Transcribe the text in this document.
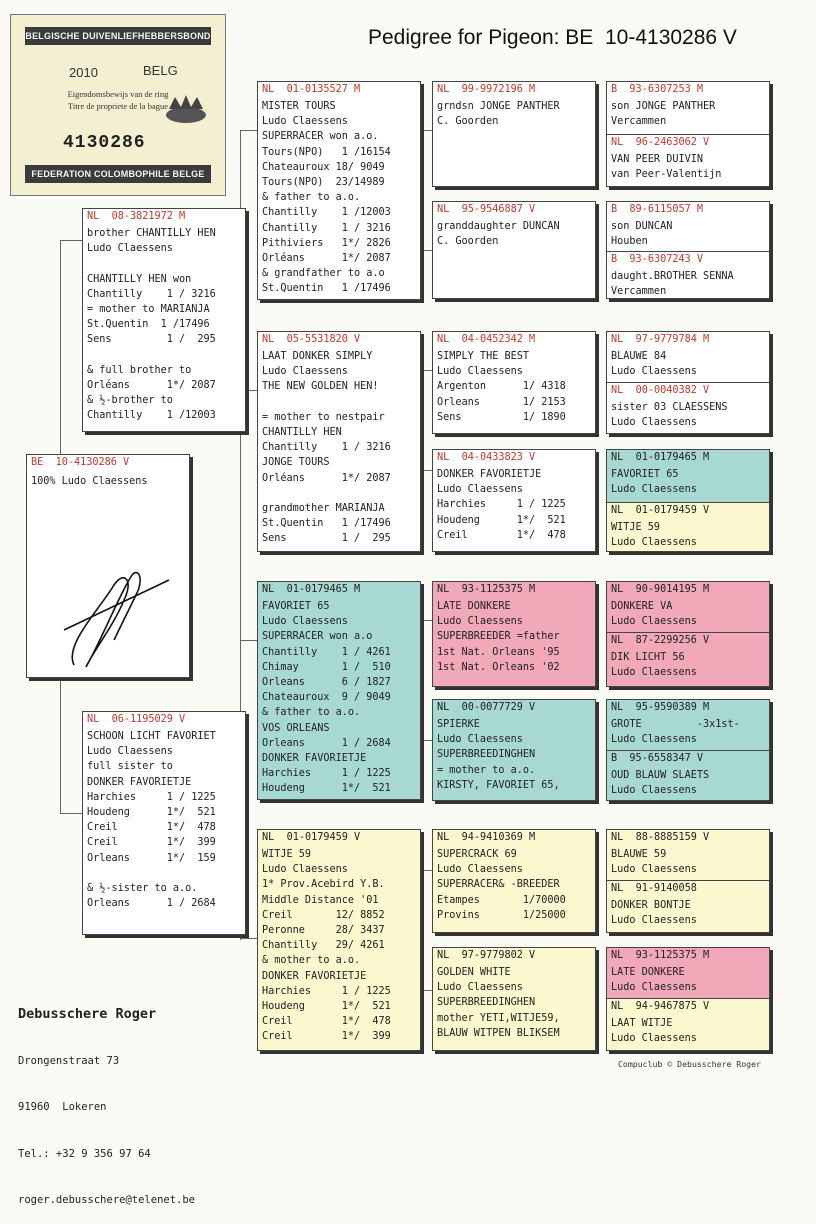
Pedigree for Pigeon: BE  10-4130286 V
BELGISCHE DUIVENLIEFHEBBERSBOND
2010	BELG
Eigendomsbewijs van de ring
Titre de propriete de la bague
4130286
FEDERATION COLOMBOPHILE BELGE
BE 10-4130286 V
100% Ludo Claessens
NL 08-3821972 M
brother CHANTILLY HEN
Ludo Claessens

CHANTILLY HEN won
Chantilly    1 / 3216
= mother to MARIANJA
St.Quentin  1 /17496
Sens         1 /  295

& full brother to
Orléans      1*/ 2087
& ½-brother to
Chantilly    1 /12003
NL 06-1195029 V
SCHOON LICHT FAVORIET
Ludo Claessens
full sister to
DONKER FAVORIETJE
Harchies     1 / 1225
Houdeng      1*/  521
Creil        1*/  478
Creil        1*/  399
Orleans      1*/  159

& ½-sister to a.o.
Orleans      1 / 2684
NL 01-0135527 M
MISTER TOURS
Ludo Claessens
SUPERRACER won a.o.
Tours(NPO)   1 /16154
Chateauroux 18/ 9049
Tours(NPO)  23/14989
& father to a.o.
Chantilly    1 /12003
Chantilly    1 / 3216
Pithiviers   1*/ 2826
Orléans      1*/ 2087
& grandfather to a.o
St.Quentin   1 /17496
NL 05-5531820 V
LAAT DONKER SIMPLY
Ludo Claessens
THE NEW GOLDEN HEN!

= mother to nestpair
CHANTILLY HEN
Chantilly    1 / 3216
JONGE TOURS
Orléans      1*/ 2087

grandmother MARIANJA
St.Quentin   1 /17496
Sens         1 /  295
NL 01-0179465 M
FAVORIET 65
Ludo Claessens
SUPERRACER won a.o
Chantilly    1 / 4261
Chimay       1 /  510
Orleans      6 / 1827
Chateauroux  9 / 9049
& father to a.o.
VOS ORLEANS
Orleans      1 / 2684
DONKER FAVORIETJE
Harchies     1 / 1225
Houdeng      1*/  521
NL 01-0179459 V
WITJE 59
Ludo Claessens
1* Prov.Acebird Y.B.
Middle Distance '01
Creil       12/ 8852
Peronne     28/ 3437
Chantilly   29/ 4261
& mother to a.o.
DONKER FAVORIETJE
Harchies     1 / 1225
Houdeng      1*/  521
Creil        1*/  478
Creil        1*/  399
NL 99-9972196 M
grndsn JONGE PANTHER
C. Goorden
NL 95-9546887 V
granddaughter DUNCAN
C. Goorden
NL 04-0452342 M
SIMPLY THE BEST
Ludo Claessens
Argenton      1/ 4318
Orleans       1/ 2153
Sens          1/ 1890
NL 04-0433823 V
DONKER FAVORIETJE
Ludo Claessens
Harchies     1 / 1225
Houdeng      1*/  521
Creil        1*/  478
NL 93-1125375 M
LATE DONKERE
Ludo Claessens
SUPERBREEDER =father
1st Nat. Orleans '95
1st Nat. Orleans '02
NL 00-0077729 V
SPIERKE
Ludo Claessens
SUPERBREEDINGHEN
= mother to a.o.
KIRSTY, FAVORIET 65,
NL 94-9410369 M
SUPERCRACK 69
Ludo Claessens
SUPERRACER& -BREEDER
Etampes       1/70000
Provins       1/25000
NL 97-9779802 V
GOLDEN WHITE
Ludo Claessens
SUPERBREEDINGHEN
mother YETI,WITJE59,
BLAUW WITPEN BLIKSEM
B 93-6307253 M
son JONGE PANTHER
Vercammen
NL 96-2463062 V
VAN PEER DUIVIN
van Peer-Valentijn
B 89-6115057 M
son DUNCAN
Houben
B 93-6307243 V
daught.BROTHER SENNA
Vercammen
NL 97-9779784 M
BLAUWE 84
Ludo Claessens
NL 00-0040382 V
sister 03 CLAESSENS
Ludo Claessens
NL 01-0179465 M
FAVORIET 65
Ludo Claessens
NL 01-0179459 V
WITJE 59
Ludo Claessens
NL 90-9014195 M
DONKERE VA
Ludo Claessens
NL 87-2299256 V
DIK LICHT 56
Ludo Claessens
NL 95-9590389 M
GROTE         -3x1st-
Ludo Claessens
B 95-6558347 V
OUD BLAUW SLAETS
Ludo Claessens
NL 88-8885159 V
BLAUWE 59
Ludo Claessens
NL 91-9140058
DONKER BONTJE
Ludo Claessens
NL 93-1125375 M
LATE DONKERE
Ludo Claessens
NL 94-9467875 V
LAAT WITJE
Ludo Claessens

Debusschere Roger

Drongenstraat 73

91960  Lokeren

Tel.: +32 9 356 97 64

roger.debusschere@telenet.be

Compuclub © Debusschere Roger
